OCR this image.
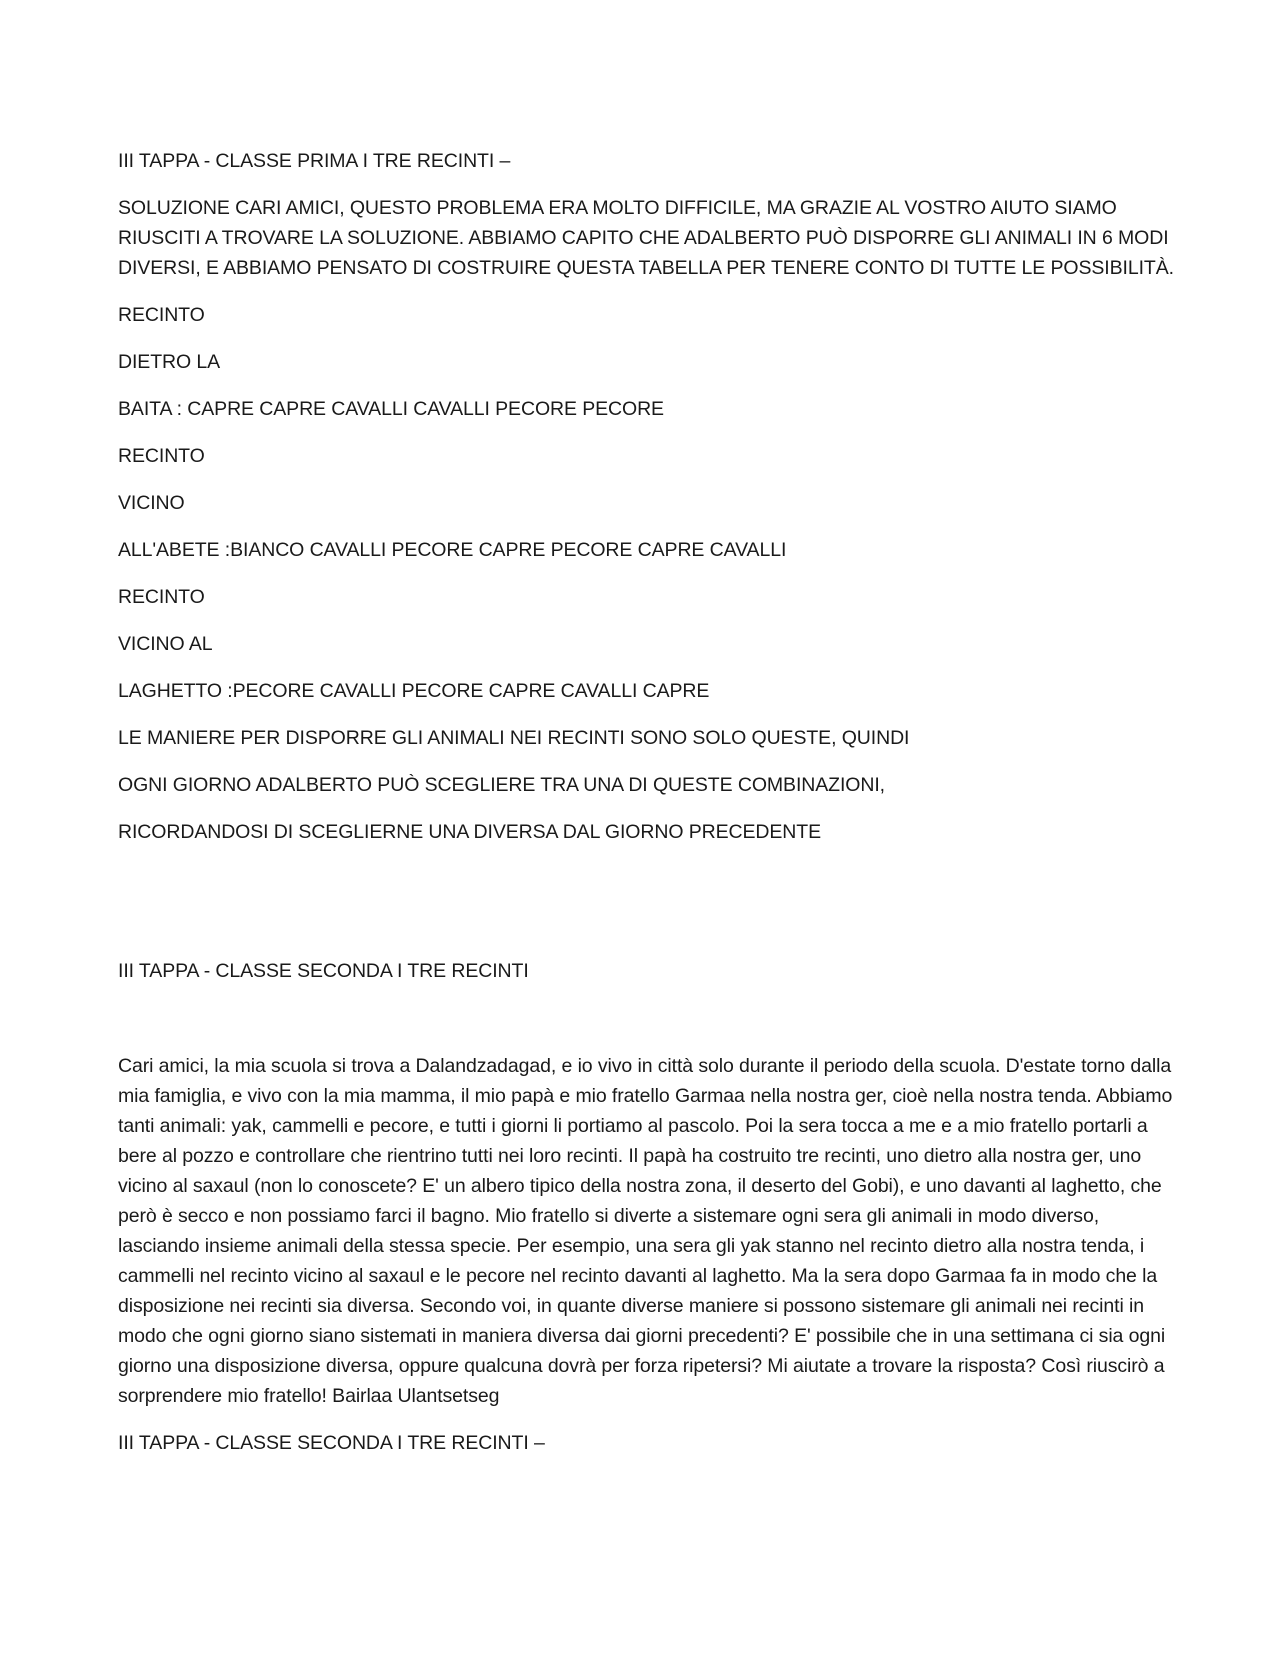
III TAPPA - CLASSE PRIMA I TRE RECINTI –

SOLUZIONE CARI AMICI, QUESTO PROBLEMA ERA MOLTO DIFFICILE, MA GRAZIE AL VOSTRO AIUTO SIAMO RIUSCITI A TROVARE LA SOLUZIONE. ABBIAMO CAPITO CHE ADALBERTO PUÒ DISPORRE GLI ANIMALI IN 6 MODI DIVERSI, E ABBIAMO PENSATO DI COSTRUIRE QUESTA TABELLA PER TENERE CONTO DI TUTTE LE POSSIBILITÀ.

RECINTO

DIETRO LA

BAITA : CAPRE CAPRE CAVALLI CAVALLI PECORE PECORE

RECINTO

VICINO

ALL'ABETE :BIANCO CAVALLI PECORE CAPRE PECORE CAPRE CAVALLI

RECINTO

VICINO AL

LAGHETTO :PECORE CAVALLI PECORE CAPRE CAVALLI CAPRE

LE MANIERE PER DISPORRE GLI ANIMALI NEI RECINTI SONO SOLO QUESTE, QUINDI

OGNI GIORNO ADALBERTO PUÒ SCEGLIERE TRA UNA DI QUESTE COMBINAZIONI,

RICORDANDOSI DI SCEGLIERNE UNA DIVERSA DAL GIORNO PRECEDENTE

III TAPPA - CLASSE SECONDA I TRE RECINTI

Cari amici, la mia scuola si trova a Dalandzadagad, e io vivo in città solo durante il periodo della scuola. D'estate torno dalla mia famiglia, e vivo con la mia mamma, il mio papà e mio fratello Garmaa nella nostra ger, cioè nella nostra tenda. Abbiamo tanti animali: yak, cammelli e pecore, e tutti i giorni li portiamo al pascolo. Poi la sera tocca a me e a mio fratello portarli a bere al pozzo e controllare che rientrino tutti nei loro recinti. Il papà ha costruito tre recinti, uno dietro alla nostra ger, uno vicino al saxaul (non lo conoscete? E' un albero tipico della nostra zona, il deserto del Gobi), e uno davanti al laghetto, che però è secco e non possiamo farci il bagno. Mio fratello si diverte a sistemare ogni sera gli animali in modo diverso, lasciando insieme animali della stessa specie. Per esempio, una sera gli yak stanno nel recinto dietro alla nostra tenda, i cammelli nel recinto vicino al saxaul e le pecore nel recinto davanti al laghetto. Ma la sera dopo Garmaa fa in modo che la disposizione nei recinti sia diversa. Secondo voi, in quante diverse maniere si possono sistemare gli animali nei recinti in modo che ogni giorno siano sistemati in maniera diversa dai giorni precedenti? E' possibile che in una settimana ci sia ogni giorno una disposizione diversa, oppure qualcuna dovrà per forza ripetersi? Mi aiutate a trovare la risposta? Così riuscirò a sorprendere mio fratello! Bairlaa Ulantsetseg

III TAPPA - CLASSE SECONDA I TRE RECINTI –
